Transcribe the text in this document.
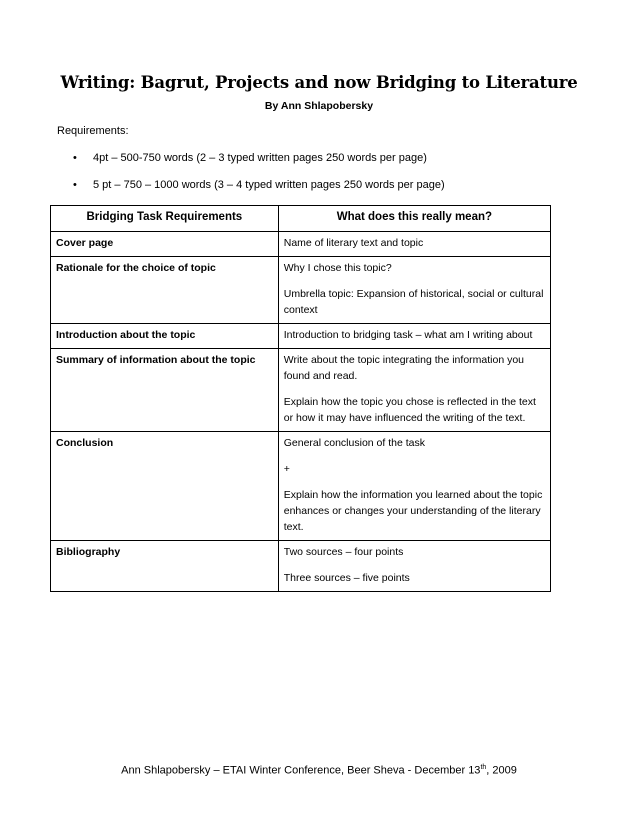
Writing: Bagrut, Projects and now Bridging to Literature
By Ann Shlapobersky
Requirements:
• 4pt – 500-750 words (2 – 3 typed written pages 250 words per page)
• 5 pt – 750 – 1000 words (3 – 4 typed written pages 250 words per page)
Bridging Task Requirements	What does this really mean?
Cover page	Name of literary text and topic

Rationale for the choice of topic	Why I chose this topic?

Umbrella topic: Expansion of historical, social or cultural context

Introduction about the topic	Introduction to bridging task – what am I writing about

Summary of information about the topic	Write about the topic integrating the information you found and read.

Explain how the topic you chose is reflected in the text or how it may have influenced the writing of the text.

Conclusion	General conclusion of the task

+

Explain how the information you learned about the topic enhances or changes your understanding of the literary text.

Bibliography	Two sources – four points

Three sources – five points

Ann Shlapobersky – ETAI Winter Conference, Beer Sheva - December 13th, 2009
